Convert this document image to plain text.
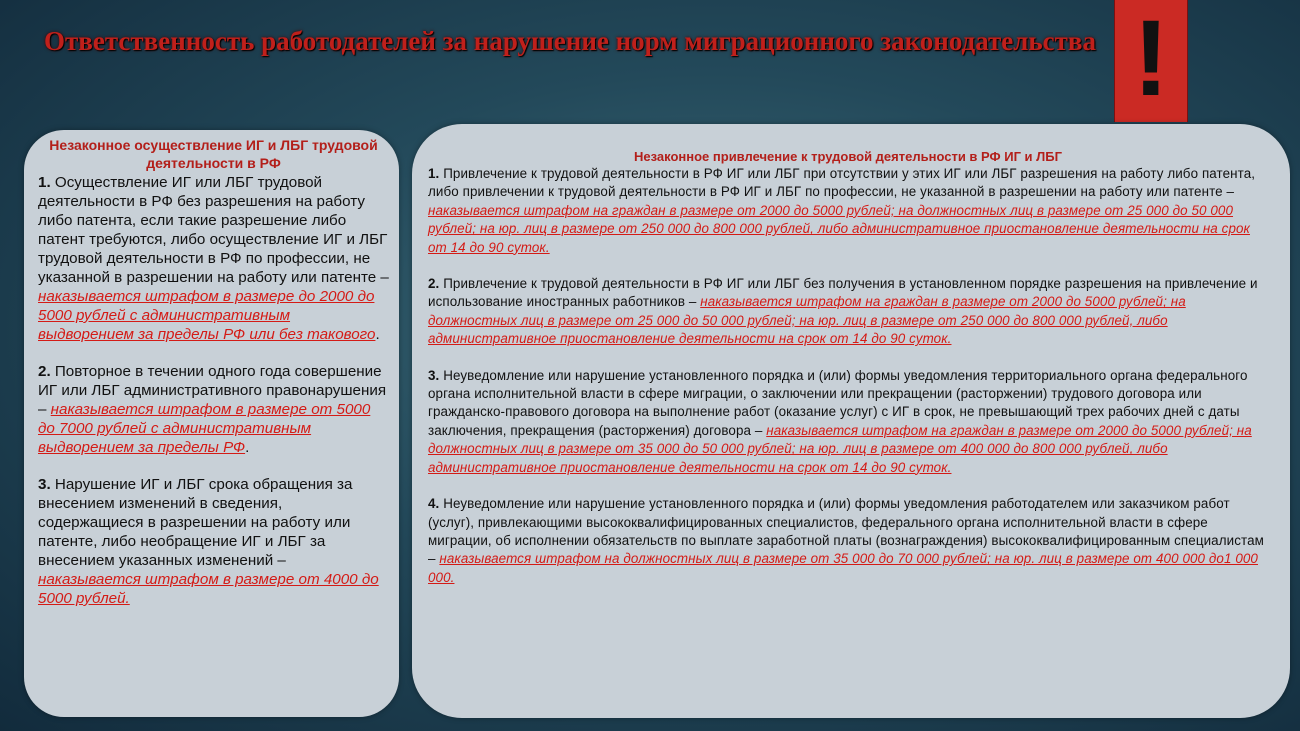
Ответственность работодателей за нарушение норм миграционного законодательства !
Незаконное осуществление ИГ и ЛБГ трудовой деятельности в РФ
1. Осуществление ИГ или ЛБГ трудовой деятельности в РФ без разрешения на работу либо патента, если такие разрешение либо патент требуются, либо осуществление ИГ и ЛБГ трудовой деятельности в РФ по профессии, не указанной в разрешении на работу или патенте – наказывается штрафом в размере до 2000 до 5000 рублей с административным выдворением за пределы РФ или без такового.
2. Повторное в течении одного года совершение ИГ или ЛБГ административного правонарушения – наказывается штрафом в размере от 5000 до 7000 рублей с административным выдворением за пределы РФ.
3. Нарушение ИГ и ЛБГ срока обращения за внесением изменений в сведения, содержащиеся в разрешении на работу или патенте, либо необращение ИГ и ЛБГ за внесением указанных изменений – наказывается штрафом в размере от 4000 до 5000 рублей.
Незаконное привлечение к трудовой деятельности в РФ ИГ и ЛБГ
1. Привлечение к трудовой деятельности в РФ ИГ или ЛБГ при отсутствии у этих ИГ или ЛБГ разрешения на работу либо патента, либо привлечении к трудовой деятельности в РФ ИГ и ЛБГ по профессии, не указанной в разрешении на работу или патенте – наказывается штрафом на граждан в размере от 2000 до 5000 рублей; на должностных лиц в размере от 25 000 до 50 000 рублей; на юр. лиц в размере от 250 000 до 800 000 рублей, либо административное приостановление деятельности на срок от 14 до 90 суток.
2. Привлечение к трудовой деятельности в РФ ИГ или ЛБГ без получения в установленном порядке разрешения на привлечение и использование иностранных работников – наказывается штрафом на граждан в размере от 2000 до 5000 рублей; на должностных лиц в размере от 25 000 до 50 000 рублей; на юр. лиц в размере от 250 000 до 800 000 рублей, либо административное приостановление деятельности на срок от 14 до 90 суток.
3. Неуведомление или нарушение установленного порядка и (или) формы уведомления территориального органа федерального органа исполнительной власти в сфере миграции, о заключении или прекращении (расторжении) трудового договора или гражданско-правового договора на выполнение работ (оказание услуг) с ИГ в срок, не превышающий трех рабочих дней с даты заключения, прекращения (расторжения) договора – наказывается штрафом на граждан в размере от 2000 до 5000 рублей; на должностных лиц в размере от 35 000 до 50 000 рублей; на юр. лиц в размере от 400 000 до 800 000 рублей, либо административное приостановление деятельности на срок от 14 до 90 суток.
4. Неуведомление или нарушение установленного порядка и (или) формы уведомления работодателем или заказчиком работ (услуг), привлекающими высококвалифицированных специалистов, федерального органа исполнительной власти в сфере миграции, об исполнении обязательств по выплате заработной платы (вознаграждения) высококвалифицированным специалистам – наказывается штрафом на должностных лиц в размере от 35 000 до 70 000 рублей; на юр. лиц в размере от 400 000 до1 000 000.
